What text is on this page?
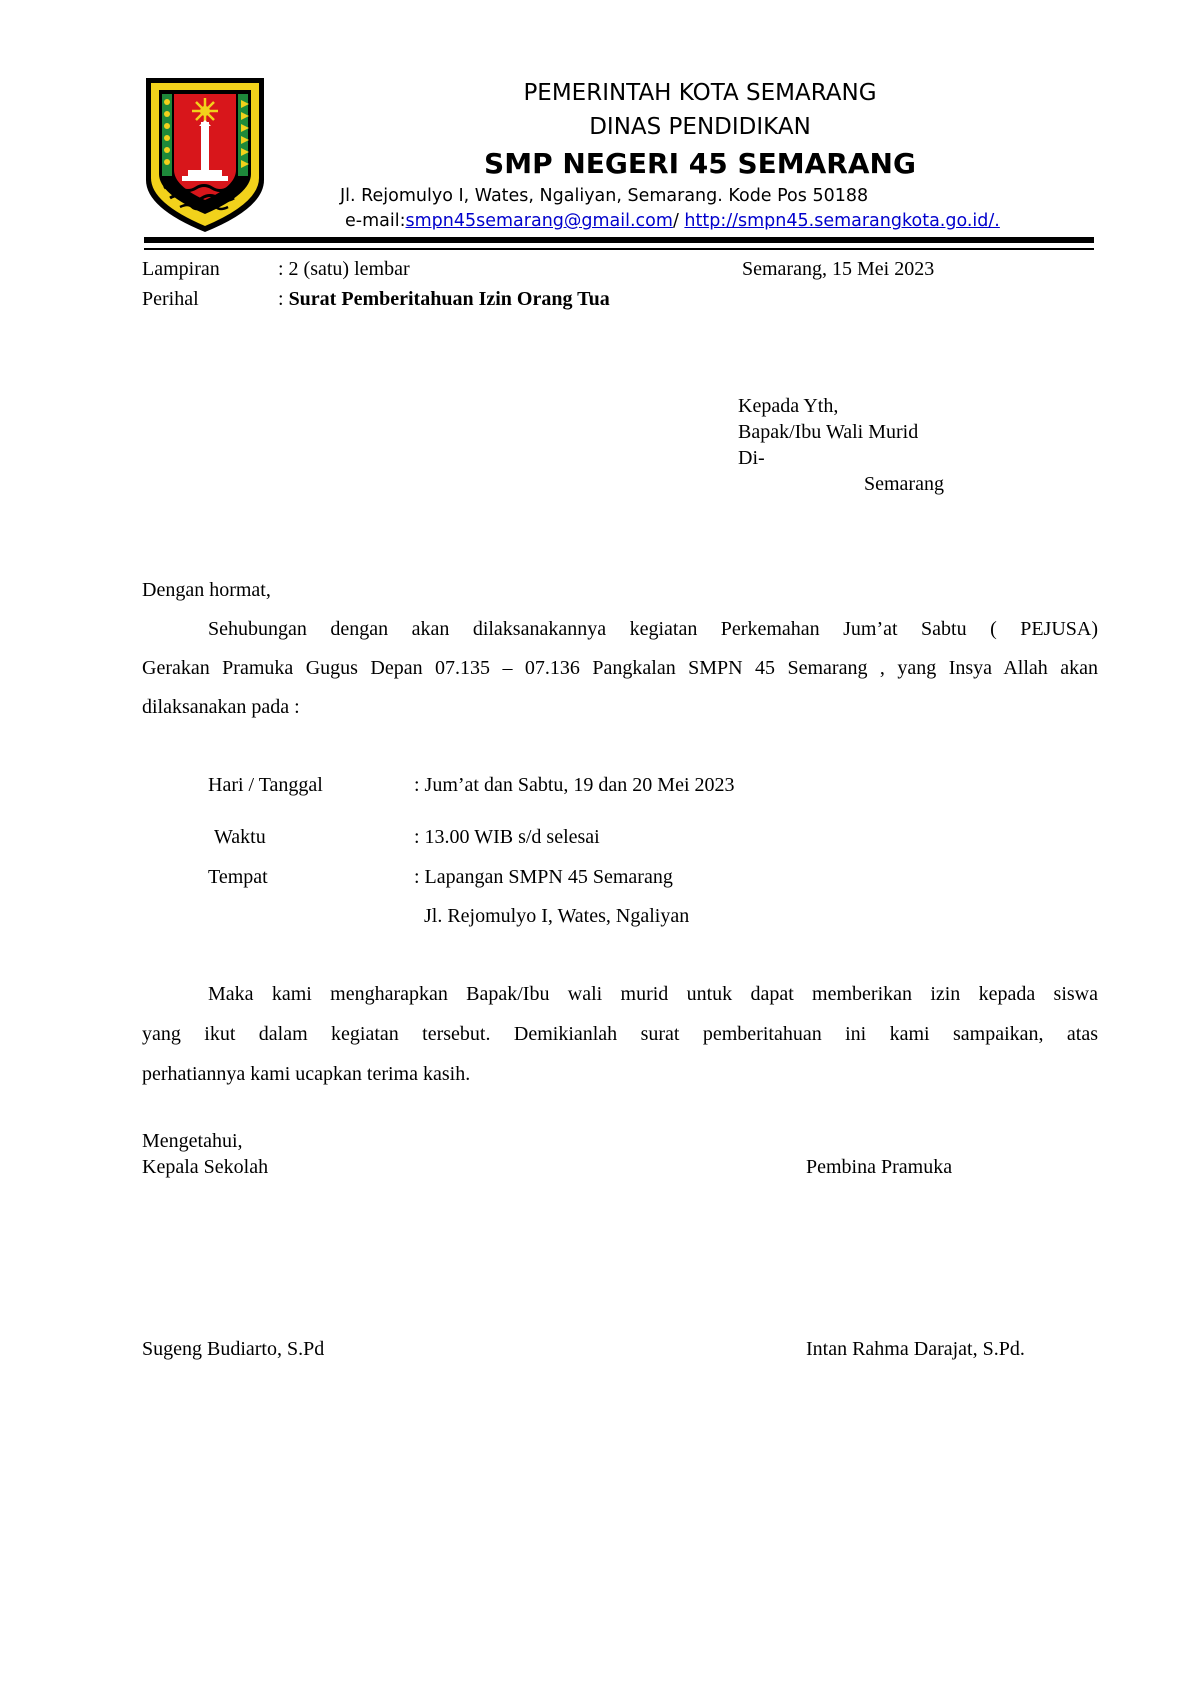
PEMERINTAH KOTA SEMARANG
DINAS PENDIDIKAN
SMP NEGERI 45 SEMARANG
Jl. Rejomulyo I, Wates, Ngaliyan, Semarang. Kode Pos 50188
e-mail:smpn45semarang@gmail.com/ http://smpn45.semarangkota.go.id/.
Lampiran	: 2 (satu) lembar	Semarang, 15 Mei 2023
Perihal	: Surat Pemberitahuan Izin Orang Tua
Kepada Yth,
Bapak/Ibu Wali Murid
Di-
Semarang
Dengan hormat,
Sehubungan dengan akan dilaksanakannya kegiatan Perkemahan Jum’at Sabtu ( PEJUSA)
Gerakan Pramuka Gugus Depan 07.135 – 07.136 Pangkalan SMPN 45 Semarang , yang Insya Allah akan
dilaksanakan pada :
Hari / Tanggal	: Jum’at dan Sabtu, 19 dan 20 Mei 2023
Waktu	: 13.00 WIB s/d selesai
Tempat	: Lapangan SMPN 45 Semarang
Jl. Rejomulyo I, Wates, Ngaliyan
Maka kami mengharapkan Bapak/Ibu wali murid untuk dapat memberikan izin kepada siswa
yang ikut dalam kegiatan tersebut. Demikianlah surat pemberitahuan ini kami sampaikan, atas
perhatiannya kami ucapkan terima kasih.
Mengetahui,
Kepala Sekolah	Pembina Pramuka
Sugeng Budiarto, S.Pd	Intan Rahma Darajat, S.Pd.
